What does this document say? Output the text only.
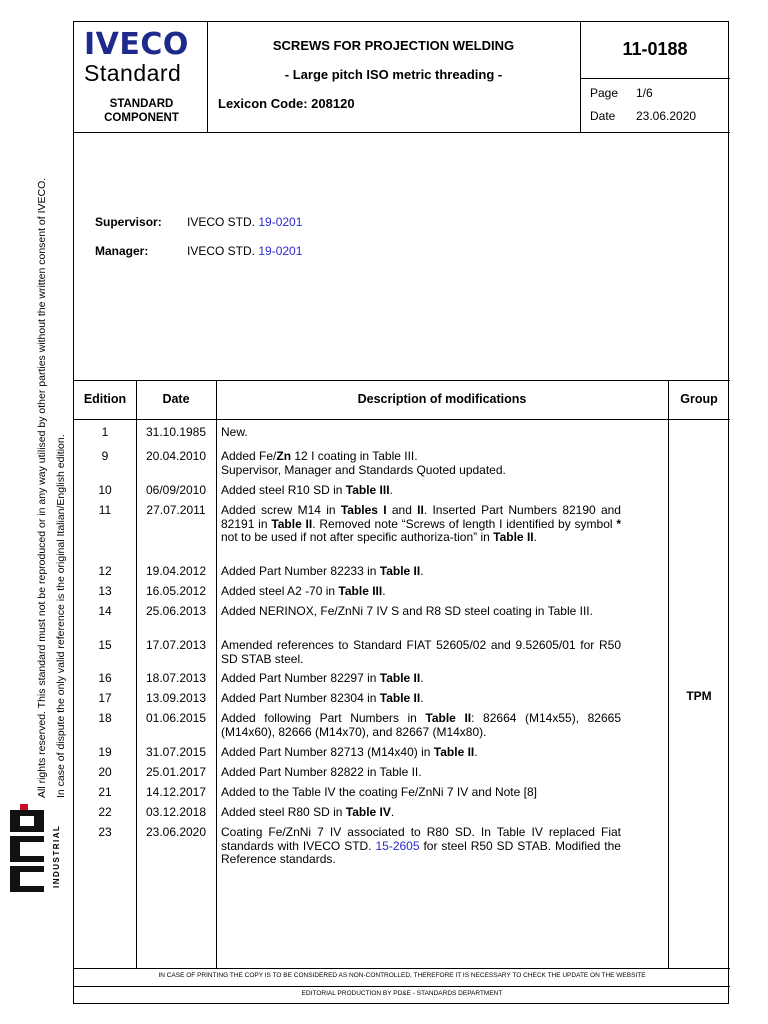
All rights reserved. This standard must not be reproduced or in any way utilised by other parties without the written consent of IVECO. In case of dispute the only valid reference is the original Italian/English edition.
INDUSTRIAL
IVECO
Standard
STANDARD COMPONENT
SCREWS FOR PROJECTION WELDING
- Large pitch ISO metric threading -
Lexicon Code: 208120
11-0188
Page 1/6
Date 23.06.2020
Supervisor: IVECO STD. 19-0201
Manager:	IVECO STD. 19-0201
Edition	Date	Description of modifications	Group
1	31.10.1985	New.
9	20.04.2010	Added Fe/Zn 12 I coating in Table III.
Supervisor, Manager and Standards Quoted updated.
10	06/09/2010	Added steel R10 SD in Table III.
11	27.07.2011	Added screw M14 in Tables I and II. Inserted Part Numbers 82190 and 82191 in Table II. Removed note “Screws of length I identified by symbol * not to be used if not after specific authoriza-tion” in Table II.
12	19.04.2012	Added Part Number 82233 in Table II.
13	16.05.2012	Added steel A2 -70 in Table III.
14	25.06.2013	Added NERINOX, Fe/ZnNi 7 IV S and R8 SD steel coating in Table III.
15	17.07.2013	Amended references to Standard FIAT 52605/02 and 9.52605/01 for R50 SD STAB steel.
16	18.07.2013	Added Part Number 82297 in Table II.
17	13.09.2013	Added Part Number 82304 in Table II.
18	01.06.2015	Added following Part Numbers in Table II: 82664 (M14x55), 82665 (M14x60), 82666 (M14x70), and 82667 (M14x80).
19	31.07.2015	Added Part Number 82713 (M14x40) in Table II.
20	25.01.2017	Added Part Number 82822 in Table II.
21	14.12.2017	Added to the Table IV the coating Fe/ZnNi 7 IV and Note [8]
22	03.12.2018	Added steel R80 SD in Table IV.
23	23.06.2020	Coating Fe/ZnNi 7 IV associated to R80 SD. In Table IV replaced Fiat standards with IVECO STD. 15-2605 for steel R50 SD STAB. Modified the Reference standards.
TPM
IN CASE OF PRINTING THE COPY IS TO BE CONSIDERED AS NON-CONTROLLED, THEREFORE IT IS NECESSARY TO CHECK THE UPDATE ON THE WEBSITE
EDITORIAL PRODUCTION BY PD&E - STANDARDS DEPARTMENT
